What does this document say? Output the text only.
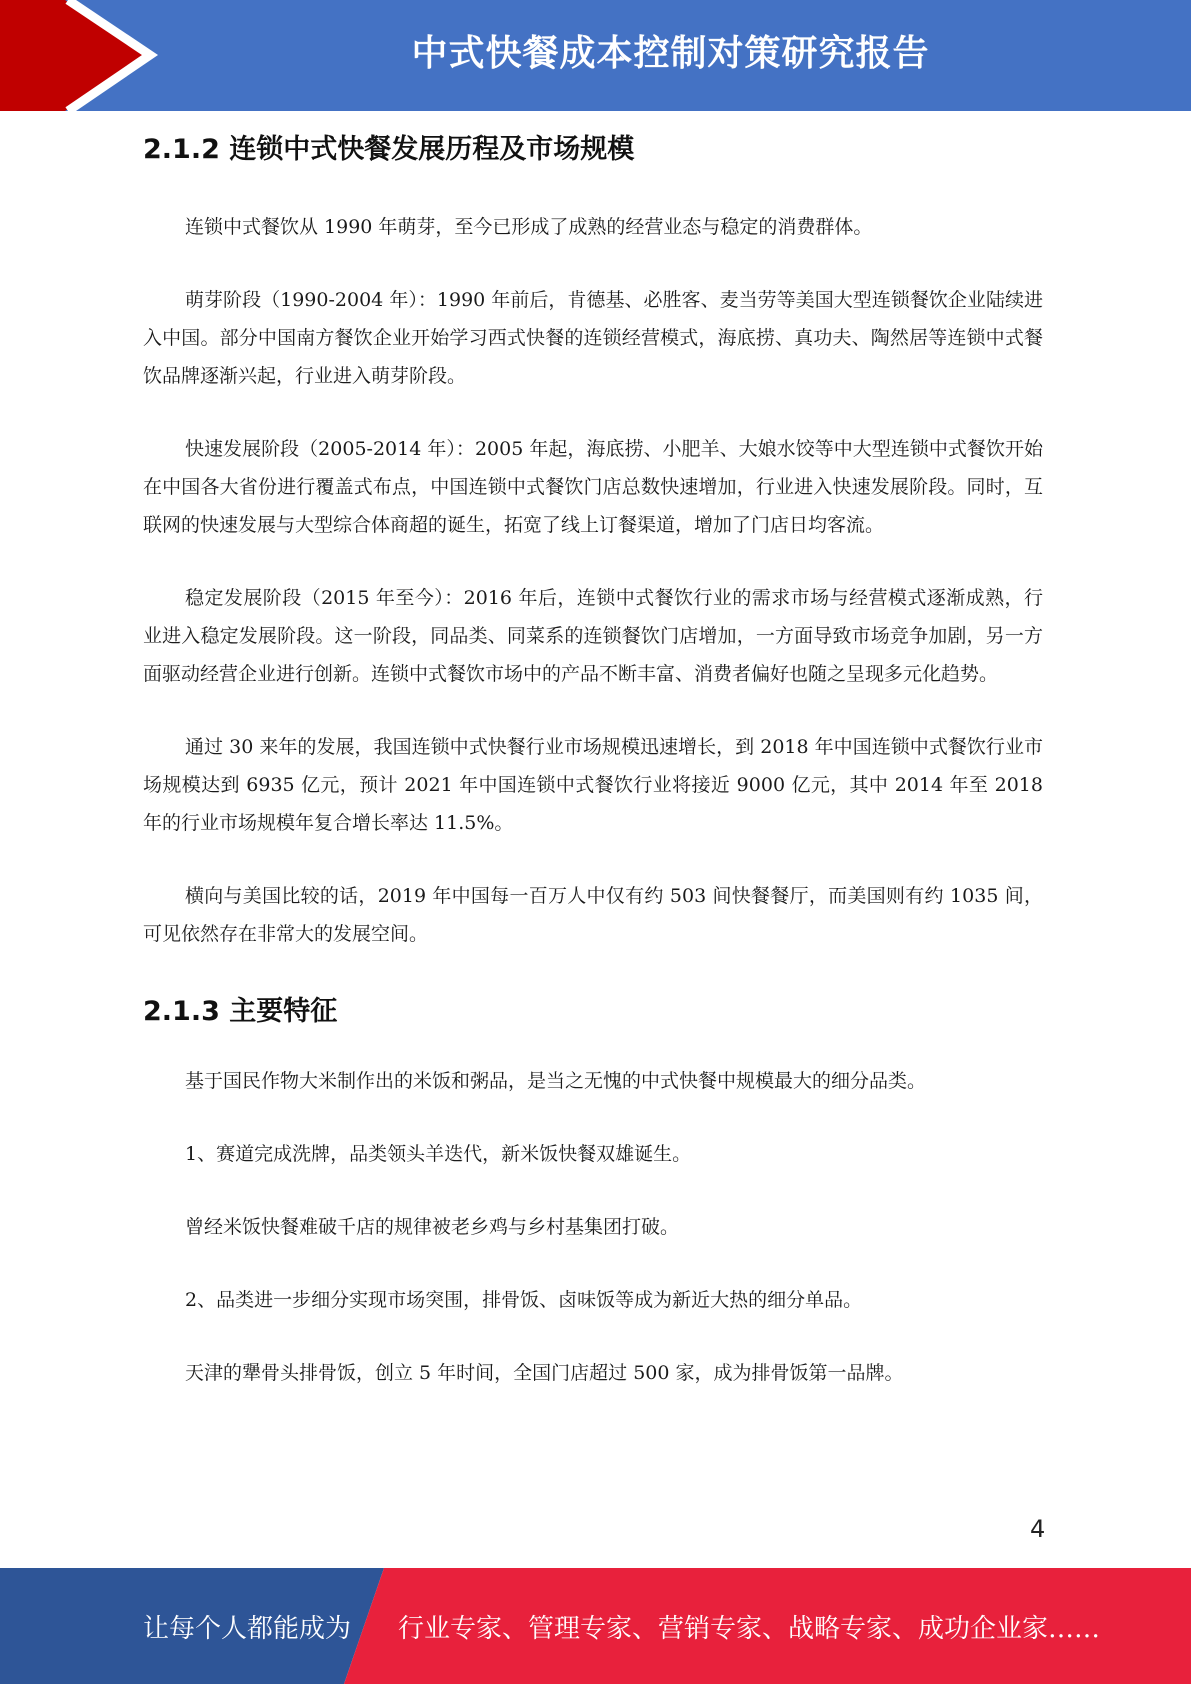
中式快餐成本控制对策研究报告
2.1.2 连锁中式快餐发展历程及市场规模

连锁中式餐饮从 1990 年萌芽，至今已形成了成熟的经营业态与稳定的消费群体。

萌芽阶段（1990-2004 年）：1990 年前后，肯德基、必胜客、麦当劳等美国大型连锁餐饮企业陆续进入中国。部分中国南方餐饮企业开始学习西式快餐的连锁经营模式，海底捞、真功夫、陶然居等连锁中式餐饮品牌逐渐兴起，行业进入萌芽阶段。

快速发展阶段（2005-2014 年）：2005 年起，海底捞、小肥羊、大娘水饺等中大型连锁中式餐饮开始在中国各大省份进行覆盖式布点，中国连锁中式餐饮门店总数快速增加，行业进入快速发展阶段。同时，互联网的快速发展与大型综合体商超的诞生，拓宽了线上订餐渠道，增加了门店日均客流。

稳定发展阶段（2015 年至今）：2016 年后，连锁中式餐饮行业的需求市场与经营模式逐渐成熟，行业进入稳定发展阶段。这一阶段，同品类、同菜系的连锁餐饮门店增加，一方面导致市场竞争加剧，另一方面驱动经营企业进行创新。连锁中式餐饮市场中的产品不断丰富、消费者偏好也随之呈现多元化趋势。

通过 30 来年的发展，我国连锁中式快餐行业市场规模迅速增长，到 2018 年中国连锁中式餐饮行业市场规模达到 6935 亿元，预计 2021 年中国连锁中式餐饮行业将接近 9000 亿元，其中 2014 年至 2018 年的行业市场规模年复合增长率达 11.5%。

横向与美国比较的话，2019 年中国每一百万人中仅有约 503 间快餐餐厅，而美国则有约 1035 间，可见依然存在非常大的发展空间。

2.1.3 主要特征

基于国民作物大米制作出的米饭和粥品，是当之无愧的中式快餐中规模最大的细分品类。

1、赛道完成洗牌，品类领头羊迭代，新米饭快餐双雄诞生。

曾经米饭快餐难破千店的规律被老乡鸡与乡村基集团打破。

2、品类进一步细分实现市场突围，排骨饭、卤味饭等成为新近大热的细分单品。

天津的犟骨头排骨饭，创立 5 年时间，全国门店超过 500 家，成为排骨饭第一品牌。

4
让每个人都能成为 行业专家、管理专家、营销专家、战略专家、成功企业家……
